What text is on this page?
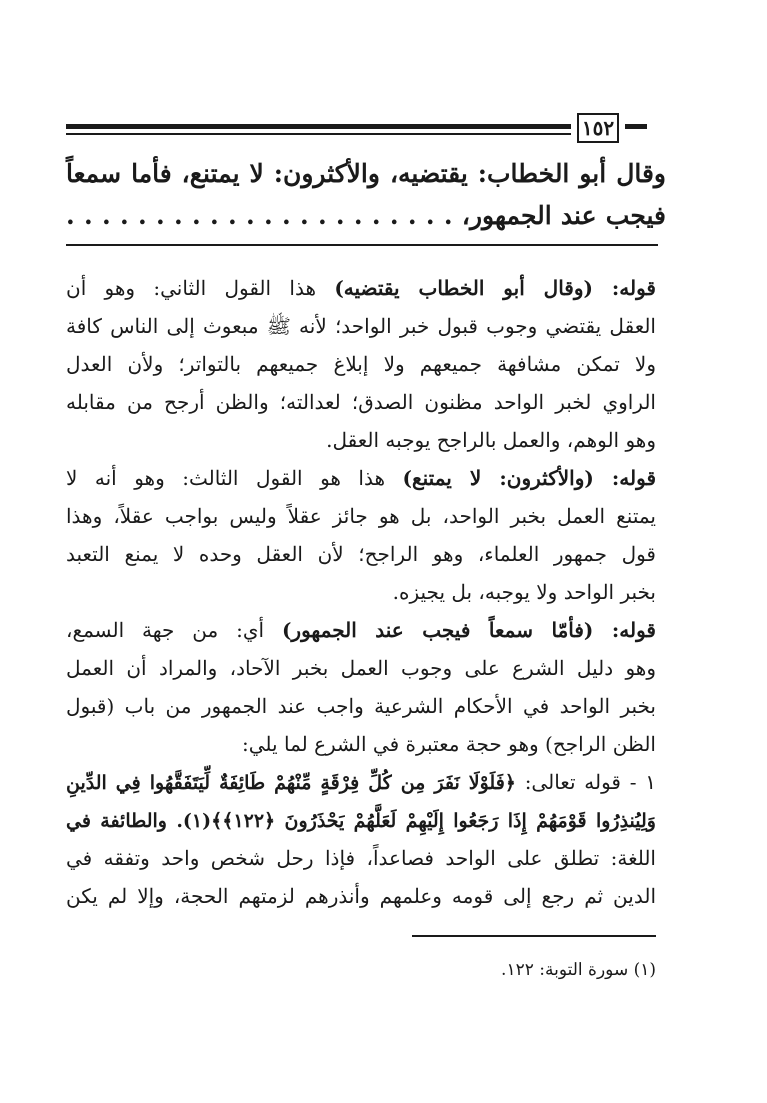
١٥٢
وقال أبو الخطاب: يقتضيه، والأكثرون: لا يمتنع، فأما سمعاً
فيجب عند الجمهور، . . . . . . . . . . . . . . . . . . . . . .
قوله: (وقال أبو الخطاب يقتضيه) هذا القول الثاني: وهو أن
العقل يقتضي وجوب قبول خبر الواحد؛ لأنه ﷺ مبعوث إلى الناس كافة
ولا تمكن مشافهة جميعهم ولا إبلاغ جميعهم بالتواتر؛ ولأن العدل
الراوي لخبر الواحد مظنون الصدق؛ لعدالته؛ والظن أرجح من مقابله
وهو الوهم، والعمل بالراجح يوجبه العقل.
قوله: (والأكثرون: لا يمتنع) هذا هو القول الثالث: وهو أنه لا
يمتنع العمل بخبر الواحد، بل هو جائز عقلاً وليس بواجب عقلاً، وهذا
قول جمهور العلماء، وهو الراجح؛ لأن العقل وحده لا يمنع التعبد
بخبر الواحد ولا يوجبه، بل يجيزه.
قوله: (فأمّا سمعاً فيجب عند الجمهور) أي: من جهة السمع،
وهو دليل الشرع على وجوب العمل بخبر الآحاد، والمراد أن العمل
بخبر الواحد في الأحكام الشرعية واجب عند الجمهور من باب (قبول
الظن الراجح) وهو حجة معتبرة في الشرع لما يلي:
١ - قوله تعالى: ﴿فَلَوْلَا نَفَرَ مِن كُلِّ فِرْقَةٍ مِّنْهُمْ طَائِفَةٌ لِّيَتَفَقَّهُوا فِي الدِّينِ
وَلِيُنذِرُوا قَوْمَهُمْ إِذَا رَجَعُوا إِلَيْهِمْ لَعَلَّهُمْ يَحْذَرُونَ ﴿١٢٢﴾﴾(١). والطائفة في
اللغة: تطلق على الواحد فصاعداً، فإذا رحل شخص واحد وتفقه في
الدين ثم رجع إلى قومه وعلمهم وأنذرهم لزمتهم الحجة، وإلا لم يكن
(١) سورة التوبة: ١٢٢.
